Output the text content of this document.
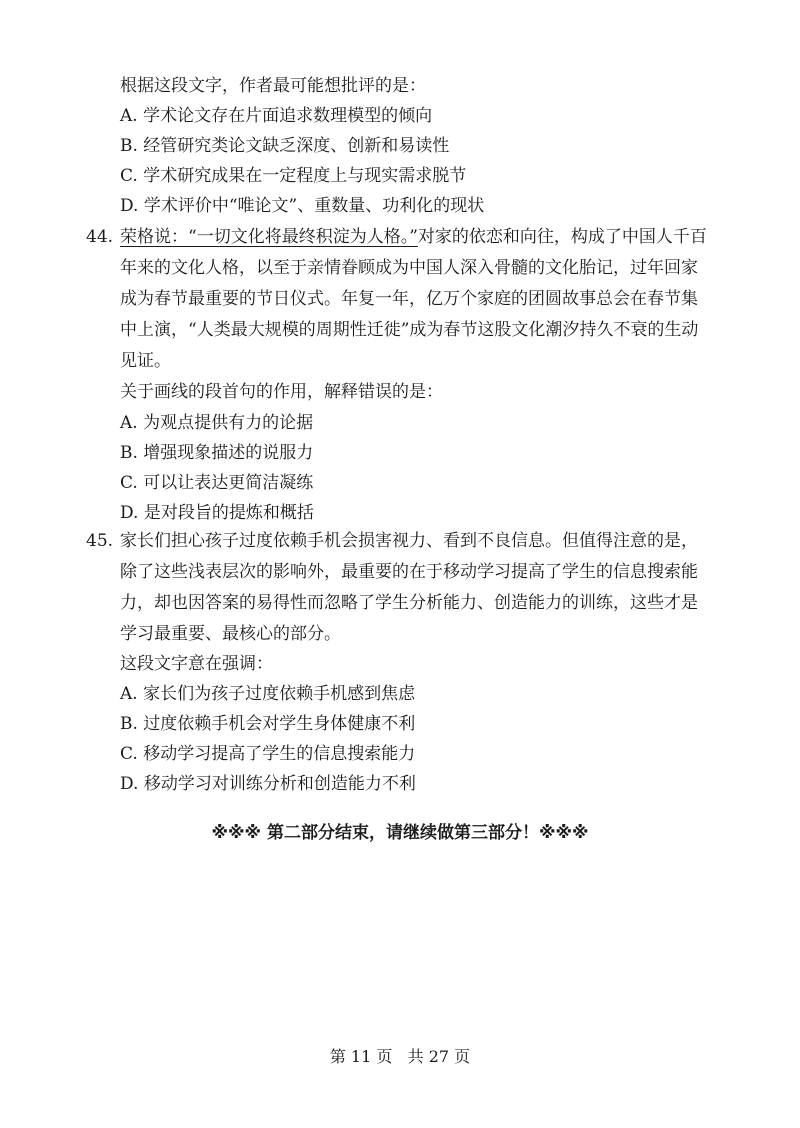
根据这段文字，作者最可能想批评的是：
A. 学术论文存在片面追求数理模型的倾向
B. 经管研究类论文缺乏深度、创新和易读性
C. 学术研究成果在一定程度上与现实需求脱节
D. 学术评价中“唯论文”、重数量、功利化的现状
44. 荣格说：“一切文化将最终积淀为人格。”对家的依恋和向往，构成了中国人千百
年来的文化人格，以至于亲情眷顾成为中国人深入骨髓的文化胎记，过年回家
成为春节最重要的节日仪式。年复一年，亿万个家庭的团圆故事总会在春节集
中上演，“人类最大规模的周期性迁徙”成为春节这股文化潮汐持久不衰的生动
见证。
关于画线的段首句的作用，解释错误的是：
A. 为观点提供有力的论据
B. 增强现象描述的说服力
C. 可以让表达更简洁凝练
D. 是对段旨的提炼和概括
45. 家长们担心孩子过度依赖手机会损害视力、看到不良信息。但值得注意的是，
除了这些浅表层次的影响外，最重要的在于移动学习提高了学生的信息搜索能
力，却也因答案的易得性而忽略了学生分析能力、创造能力的训练，这些才是
学习最重要、最核心的部分。
这段文字意在强调：
A. 家长们为孩子过度依赖手机感到焦虑
B. 过度依赖手机会对学生身体健康不利
C. 移动学习提高了学生的信息搜索能力
D. 移动学习对训练分析和创造能力不利
※※※ 第二部分结束，请继续做第三部分！※※※
第 11 页 共 27 页
